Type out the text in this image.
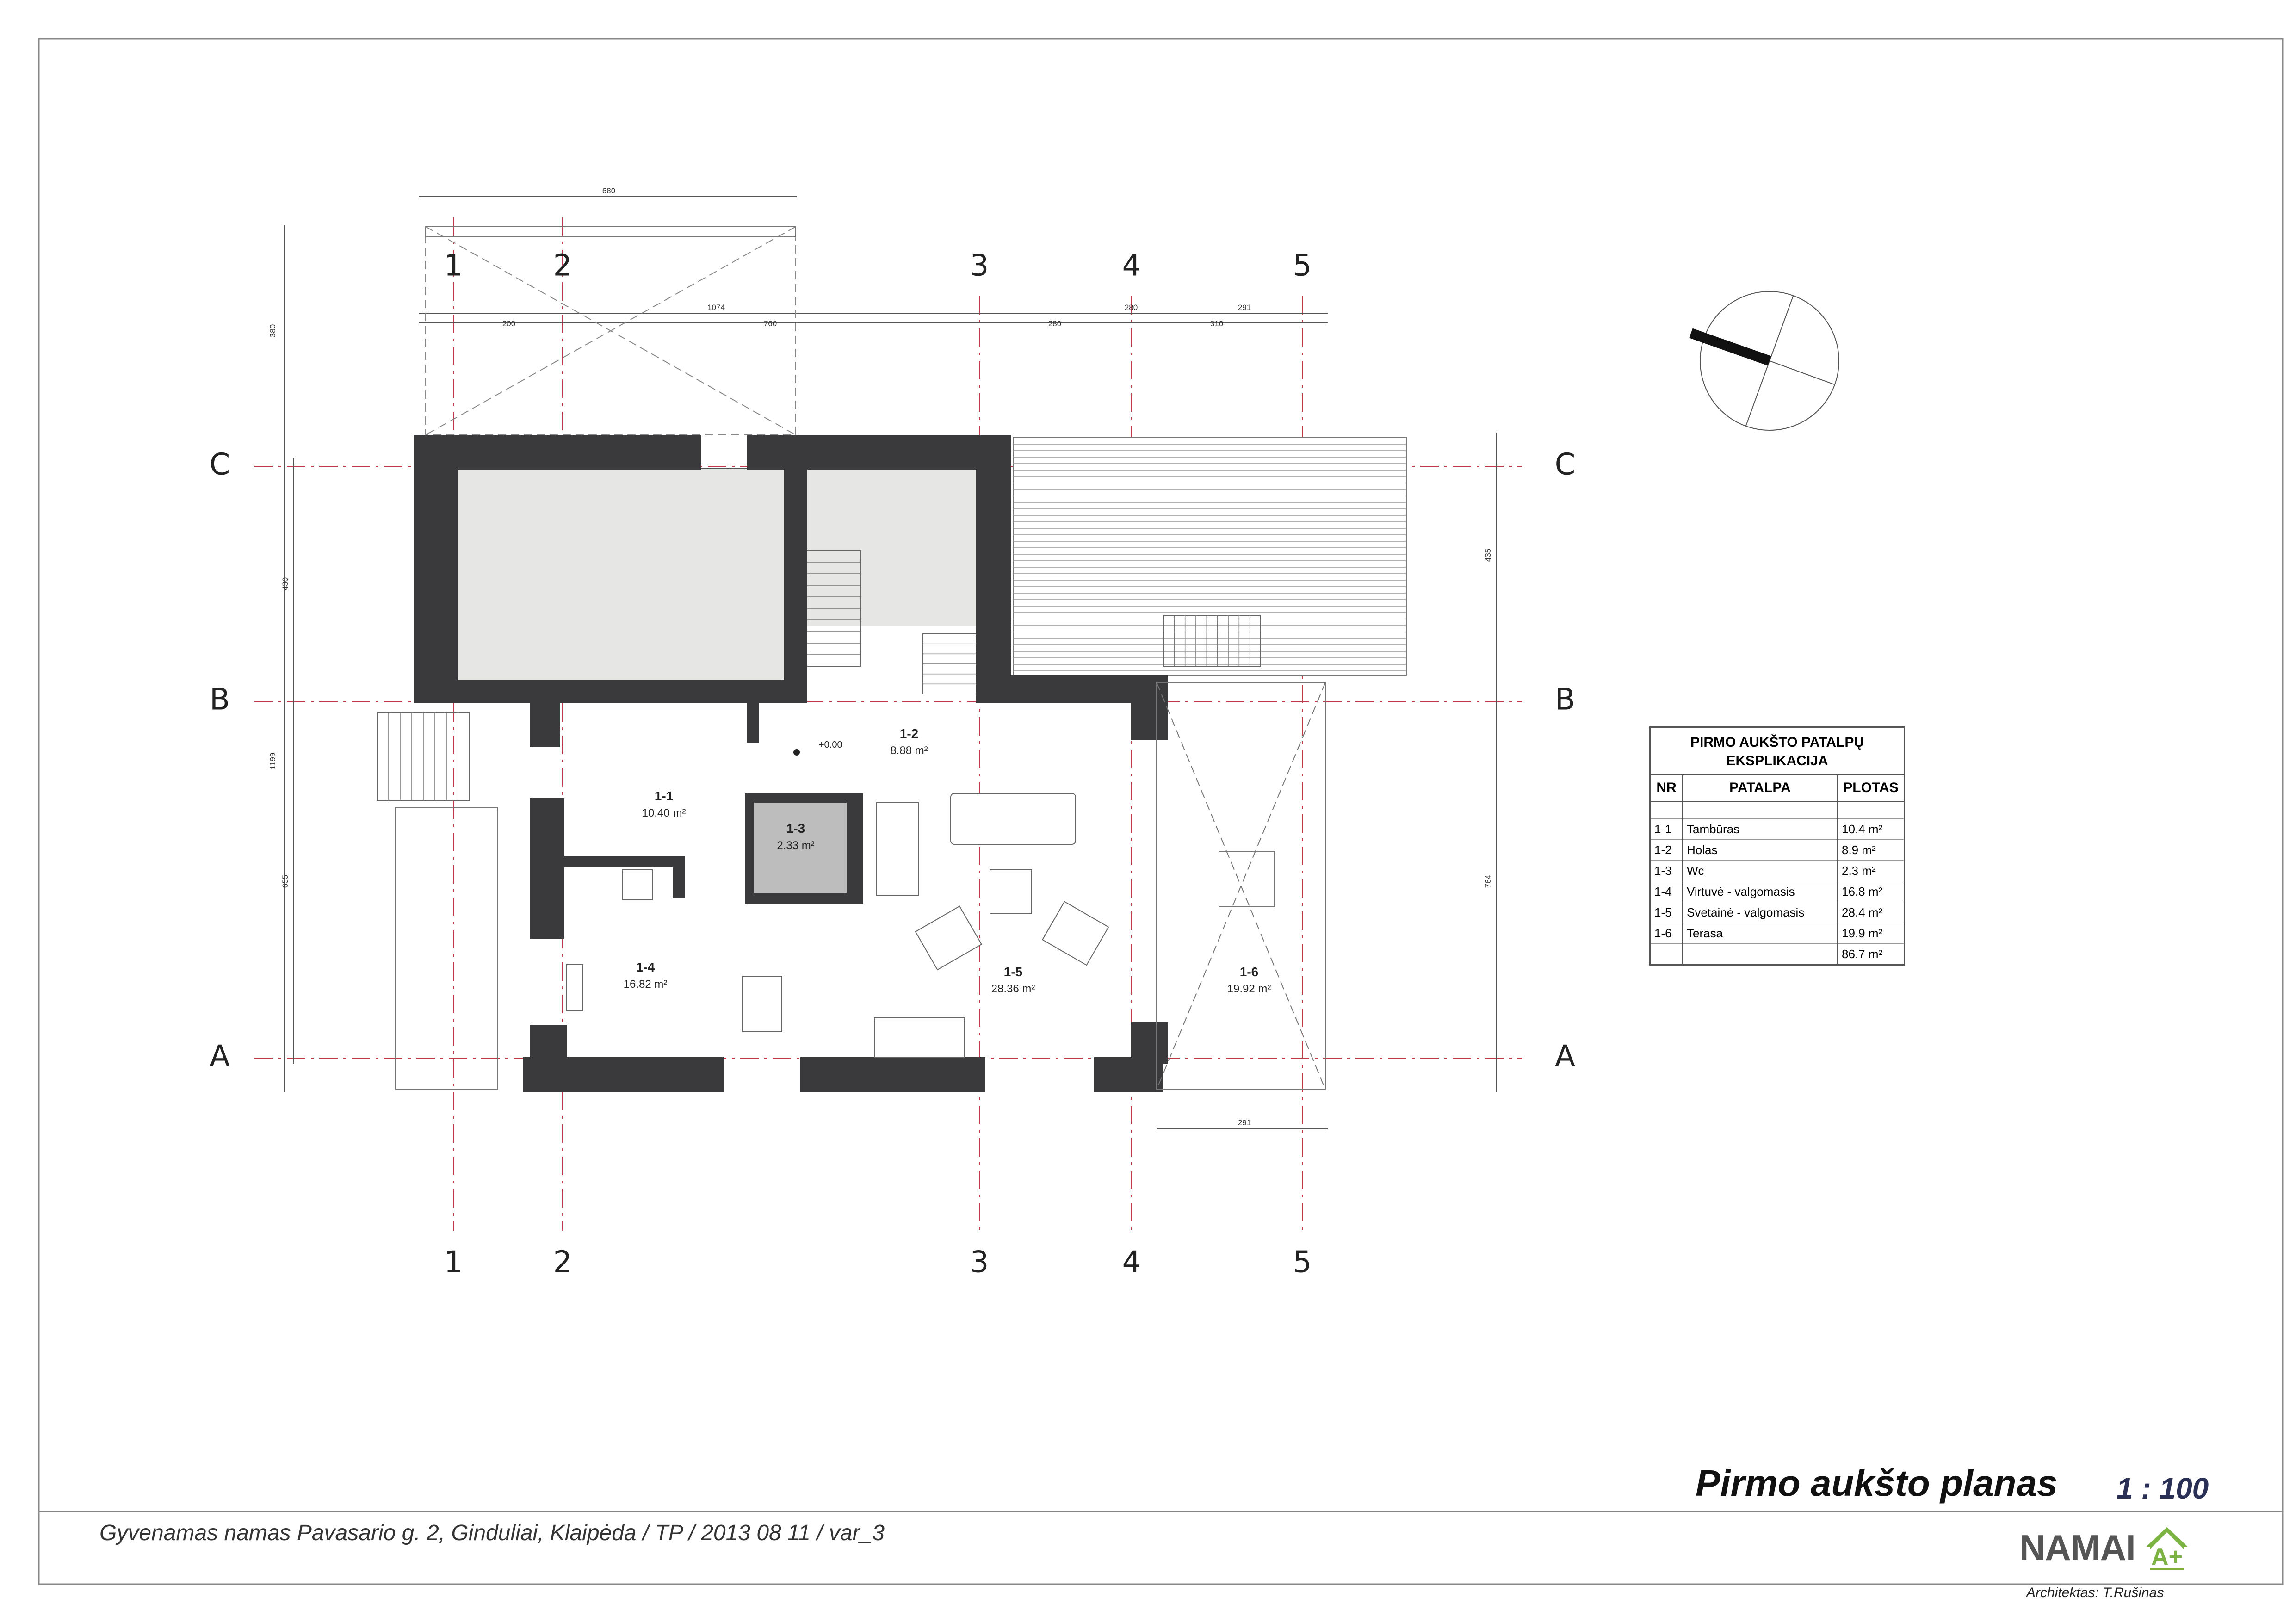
1	2	3	4	5
1	2	3	4	5
C
B
A
C
B
A
680
1074	280	291
200	760	280	310
380
430
1199
655
435
764
291
1-1
10.40 m²
1-2
8.88 m²
1-3
2.33 m²
1-4
16.82 m²
1-5
28.36 m²
1-6
19.92 m²
+0.00	PIRMO AUKŠTO PATALPŲ
EKSPLIKACIJA
NR	PATALPA	PLOTAS

1-1	Tambūras	10.4 m²
1-2	Holas	8.9 m²
1-3	Wc	2.3 m²
1-4	Virtuvė - valgomasis	16.8 m²
1-5	Svetainė - valgomasis	28.4 m²
1-6	Terasa	19.9 m²
		86.7 m²
Pirmo aukšto planas 1 : 100
Gyvenamas namas Pavasario g. 2, Ginduliai, Klaipėda / TP / 2013 08 11 / var_3	NAMAI A+
Architektas: T.Rušinas
